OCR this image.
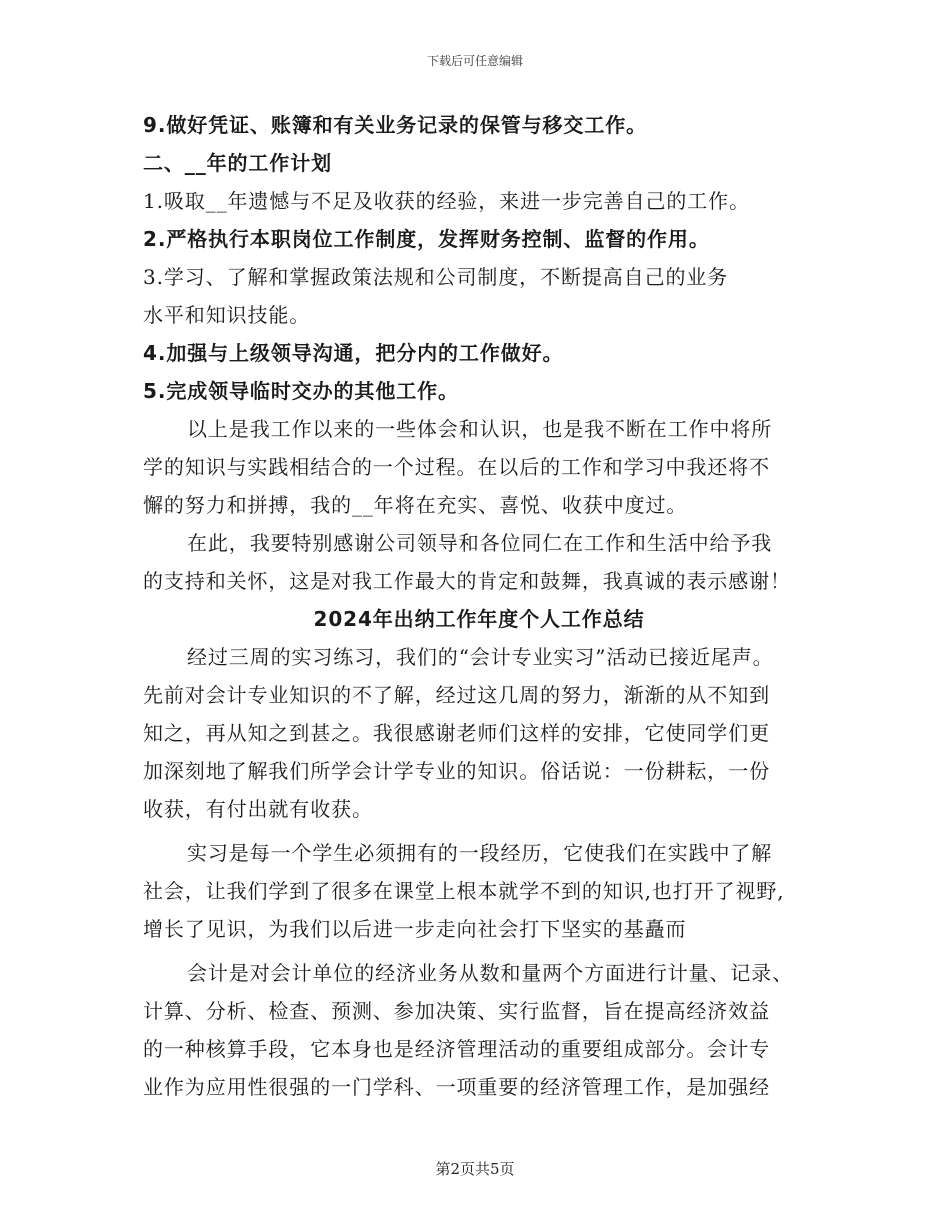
下载后可任意编辑
9.做好凭证、账簿和有关业务记录的保管与移交工作。
二、__年的工作计划
1.吸取__年遗憾与不足及收获的经验，来进一步完善自己的工作。
2.严格执行本职岗位工作制度，发挥财务控制、监督的作用。
3.学习、了解和掌握政策法规和公司制度，不断提高自己的业务
水平和知识技能。
4.加强与上级领导沟通，把分内的工作做好。
5.完成领导临时交办的其他工作。
以上是我工作以来的一些体会和认识，也是我不断在工作中将所
学的知识与实践相结合的一个过程。在以后的工作和学习中我还将不
懈的努力和拼搏，我的__年将在充实、喜悦、收获中度过。
在此，我要特别感谢公司领导和各位同仁在工作和生活中给予我
的支持和关怀，这是对我工作最大的肯定和鼓舞，我真诚的表示感谢！
2024年出纳工作年度个人工作总结
经过三周的实习练习，我们的“会计专业实习”活动已接近尾声。
先前对会计专业知识的不了解，经过这几周的努力，渐渐的从不知到
知之，再从知之到甚之。我很感谢老师们这样的安排，它使同学们更
加深刻地了解我们所学会计学专业的知识。俗话说：一份耕耘，一份
收获，有付出就有收获。
实习是每一个学生必须拥有的一段经历，它使我们在实践中了解
社会，让我们学到了很多在课堂上根本就学不到的知识,也打开了视野,
增长了见识，为我们以后进一步走向社会打下坚实的基矗而
会计是对会计单位的经济业务从数和量两个方面进行计量、记录、
计算、分析、检查、预测、参加决策、实行监督，旨在提高经济效益
的一种核算手段，它本身也是经济管理活动的重要组成部分。会计专
业作为应用性很强的一门学科、一项重要的经济管理工作，是加强经
第2页共5页
